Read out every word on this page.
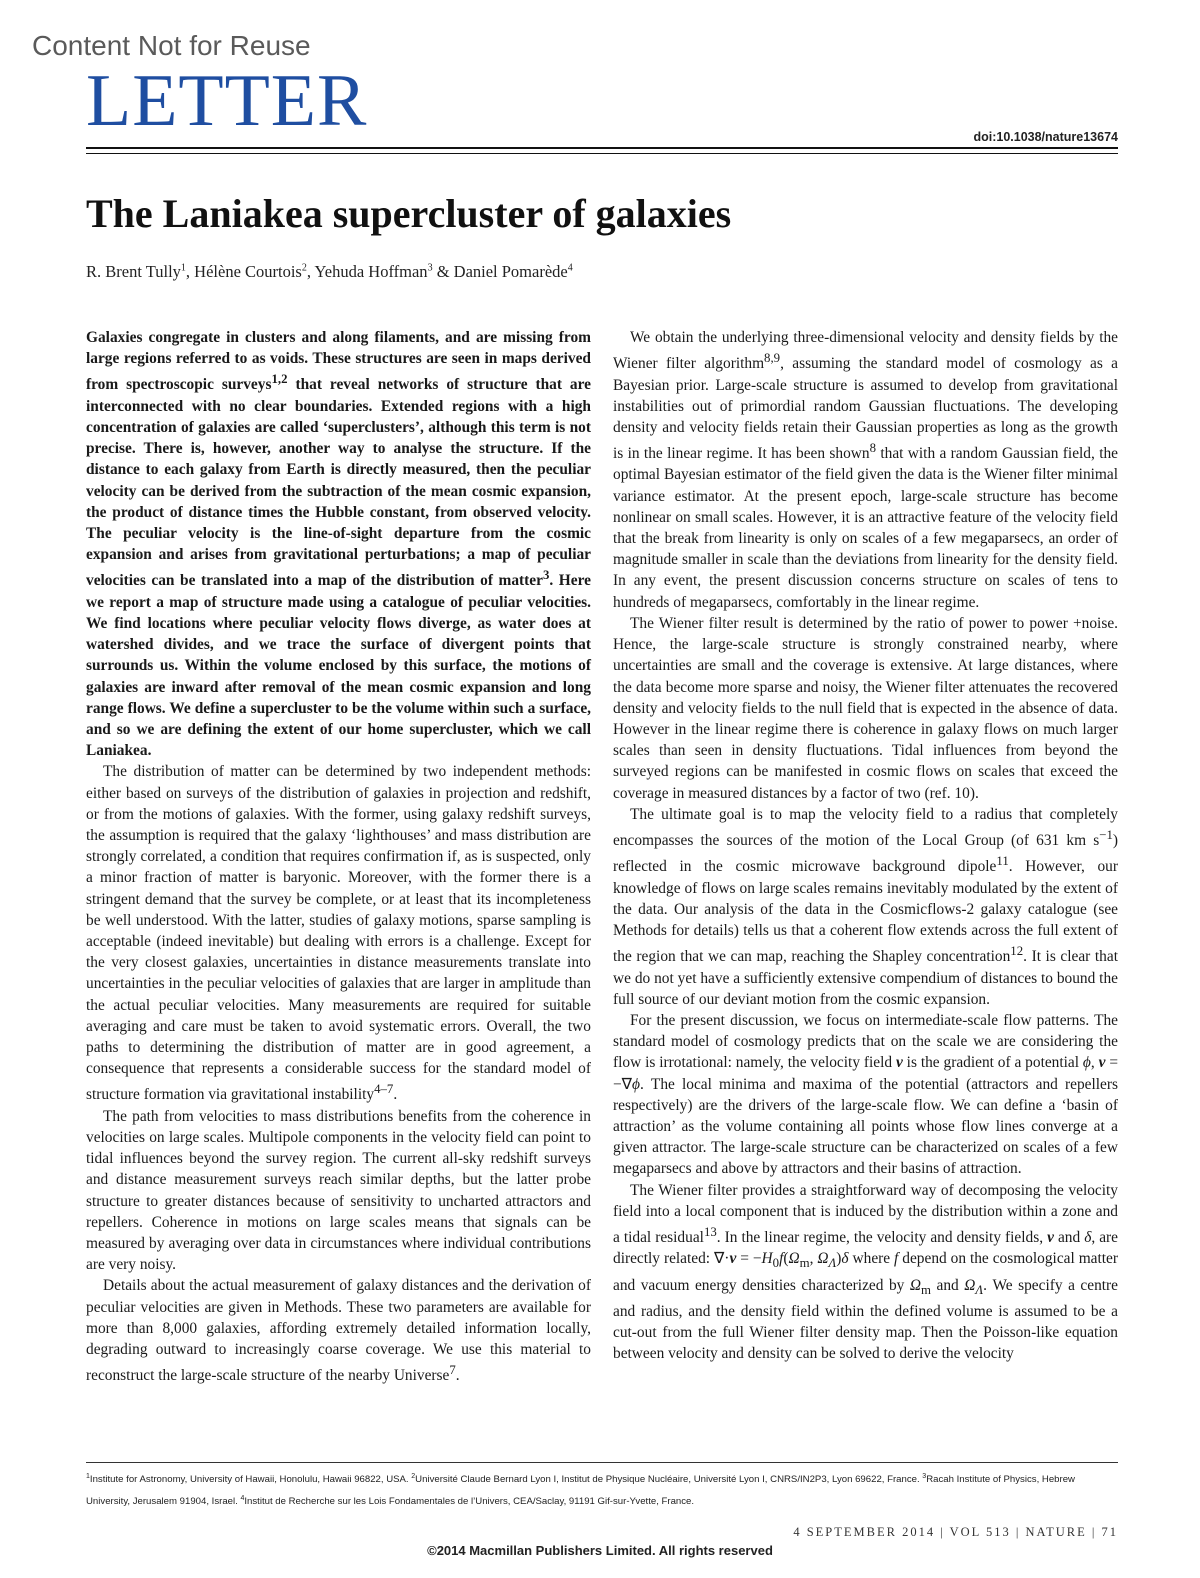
Content Not for Reuse
LETTER	doi:10.1038/nature13674
The Laniakea supercluster of galaxies
R. Brent Tully$^1$, Hélène Courtois$^2$, Yehuda Hoffman$^3$ & Daniel Pomarède$^4$

Galaxies congregate in clusters and along filaments, and are missing from large regions referred to as voids. These structures are seen in maps derived from spectroscopic surveys$^{1,2}$ that reveal networks of structure that are interconnected with no clear boundaries. Extended regions with a high concentration of galaxies are called ‘superclusters’, although this term is not precise. There is, however, another way to analyse the structure. If the distance to each galaxy from Earth is directly measured, then the peculiar velocity can be derived from the subtraction of the mean cosmic expansion, the product of distance times the Hubble constant, from observed velocity. The peculiar velocity is the line-of-sight departure from the cosmic expansion and arises from gravitational perturbations; a map of peculiar velocities can be translated into a map of the distribution of matter$^3$. Here we report a map of structure made using a catalogue of peculiar velocities. We find locations where peculiar velocity flows diverge, as water does at watershed divides, and we trace the surface of divergent points that surrounds us. Within the volume enclosed by this surface, the motions of galaxies are inward after removal of the mean cosmic expansion and long range flows. We define a supercluster to be the volume within such a surface, and so we are defining the extent of our home supercluster, which we call Laniakea.

The distribution of matter can be determined by two independent methods: either based on surveys of the distribution of galaxies in projection and redshift, or from the motions of galaxies. With the former, using galaxy redshift surveys, the assumption is required that the galaxy ‘lighthouses’ and mass distribution are strongly correlated, a condition that requires confirmation if, as is suspected, only a minor fraction of matter is baryonic. Moreover, with the former there is a stringent demand that the survey be complete, or at least that its incompleteness be well understood. With the latter, studies of galaxy motions, sparse sampling is acceptable (indeed inevitable) but dealing with errors is a challenge. Except for the very closest galaxies, uncertainties in distance measurements translate into uncertainties in the peculiar velocities of galaxies that are larger in amplitude than the actual peculiar velocities. Many measurements are required for suitable averaging and care must be taken to avoid systematic errors. Overall, the two paths to determining the distribution of matter are in good agreement, a consequence that represents a considerable success for the standard model of structure formation via gravitational instability$^{4-7}$.

The path from velocities to mass distributions benefits from the coherence in velocities on large scales. Multipole components in the velocity field can point to tidal influences beyond the survey region. The current all-sky redshift surveys and distance measurement surveys reach similar depths, but the latter probe structure to greater distances because of sensitivity to uncharted attractors and repellers. Coherence in motions on large scales means that signals can be measured by averaging over data in circumstances where individual contributions are very noisy.

Details about the actual measurement of galaxy distances and the derivation of peculiar velocities are given in Methods. These two parameters are available for more than 8,000 galaxies, affording extremely detailed information locally, degrading outward to increasingly coarse coverage. We use this material to reconstruct the large-scale structure of the nearby Universe$^7$.

We obtain the underlying three-dimensional velocity and density fields by the Wiener filter algorithm$^{8,9}$, assuming the standard model of cosmology as a Bayesian prior. Large-scale structure is assumed to develop from gravitational instabilities out of primordial random Gaussian fluctuations. The developing density and velocity fields retain their Gaussian properties as long as the growth is in the linear regime. It has been shown$^8$ that with a random Gaussian field, the optimal Bayesian estimator of the field given the data is the Wiener filter minimal variance estimator. At the present epoch, large-scale structure has become nonlinear on small scales. However, it is an attractive feature of the velocity field that the break from linearity is only on scales of a few megaparsecs, an order of magnitude smaller in scale than the deviations from linearity for the density field. In any event, the present discussion concerns structure on scales of tens to hundreds of megaparsecs, comfortably in the linear regime.

The Wiener filter result is determined by the ratio of power to power +noise. Hence, the large-scale structure is strongly constrained nearby, where uncertainties are small and the coverage is extensive. At large distances, where the data become more sparse and noisy, the Wiener filter attenuates the recovered density and velocity fields to the null field that is expected in the absence of data. However in the linear regime there is coherence in galaxy flows on much larger scales than seen in density fluctuations. Tidal influences from beyond the surveyed regions can be manifested in cosmic flows on scales that exceed the coverage in measured distances by a factor of two (ref. 10).

The ultimate goal is to map the velocity field to a radius that completely encompasses the sources of the motion of the Local Group (of 631 km $s^{-1}$) reflected in the cosmic microwave background dipole$^{11}$. However, our knowledge of flows on large scales remains inevitably modulated by the extent of the data. Our analysis of the data in the Cosmicflows-2 galaxy catalogue (see Methods for details) tells us that a coherent flow extends across the full extent of the region that we can map, reaching the Shapley concentration$^{12}$. It is clear that we do not yet have a sufficiently extensive compendium of distances to bound the full source of our deviant motion from the cosmic expansion.

For the present discussion, we focus on intermediate-scale flow patterns. The standard model of cosmology predicts that on the scale we are considering the flow is irrotational: namely, the velocity field v is the gradient of a potential ϕ, v = −∇ϕ. The local minima and maxima of the potential (attractors and repellers respectively) are the drivers of the large-scale flow. We can define a ‘basin of attraction’ as the volume containing all points whose flow lines converge at a given attractor. The large-scale structure can be characterized on scales of a few megaparsecs and above by attractors and their basins of attraction.

The Wiener filter provides a straightforward way of decomposing the velocity field into a local component that is induced by the distribution within a zone and a tidal residual$^{13}$. In the linear regime, the velocity and density fields, v and δ, are directly related: $\nabla\cdot v = -H_0f(\Omega_m$, $\Omega_\Lambda)\delta$ where f depend on the cosmological matter and vacuum energy densities characterized by $\Omega_m$ and $\Omega_\Lambda$. We specify a centre and radius, and the density field within the defined volume is assumed to be a cut-out from the full Wiener filter density map. Then the Poisson-like equation between velocity and density can be solved to derive the velocity

$^1$Institute for Astronomy, University of Hawaii, Honolulu, Hawaii 96822, USA. $^2$Université Claude Bernard Lyon I, Institut de Physique Nucléaire, Université Lyon I, CNRS/IN2P3, Lyon 69622, France. $^3$Racah Institute of Physics, Hebrew University, Jerusalem 91904, Israel. $^4$Institut de Recherche sur les Lois Fondamentales de l’Univers, CEA/Saclay, 91191 Gif-sur-Yvette, France.
4 SEPTEMBER 2014 | VOL 513 | NATURE | 71
©2014 Macmillan Publishers Limited. All rights reserved
